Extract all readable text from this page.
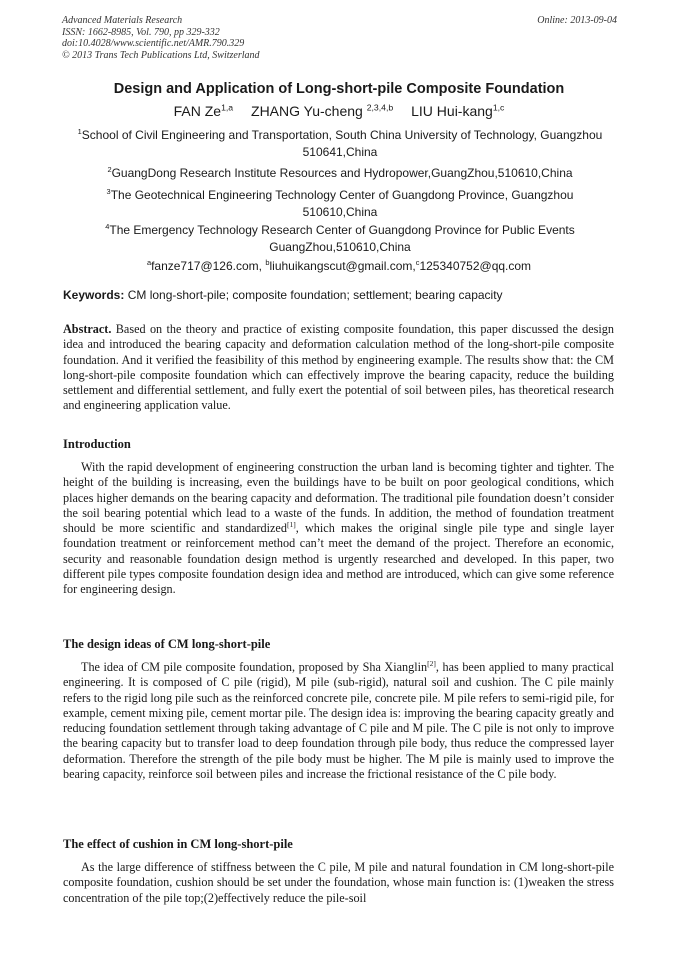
Advanced Materials Research
ISSN: 1662-8985, Vol. 790, pp 329-332
doi:10.4028/www.scientific.net/AMR.790.329
© 2013 Trans Tech Publications Ltd, Switzerland
Online: 2013-09-04
Design and Application of Long-short-pile Composite Foundation
FAN Ze$^{1,a}$ ZHANG Yu-cheng $^{2,3,4,b}$ LIU Hui-kang$^{1,c}$
$^1$School of Civil Engineering and Transportation, South China University of Technology, Guangzhou 510641,China
$^2$GuangDong Research Institute Resources and Hydropower,GuangZhou,510610,China
$^3$The Geotechnical Engineering Technology Center of Guangdong Province, Guangzhou 510610,China
$^4$The Emergency Technology Research Center of Guangdong Province for Public Events GuangZhou,510610,China
$^a$fanze717@126.com, $^b$liuhuikangscut@gmail.com,$^c$125340752@qq.com
Keywords: CM long-short-pile; composite foundation; settlement; bearing capacity
Abstract. Based on the theory and practice of existing composite foundation, this paper discussed the design idea and introduced the bearing capacity and deformation calculation method of the long-short-pile composite foundation. And it verified the feasibility of this method by engineering example. The results show that: the CM long-short-pile composite foundation which can effectively improve the bearing capacity, reduce the building settlement and differential settlement, and fully exert the potential of soil between piles, has theoretical research and engineering application value.
Introduction
With the rapid development of engineering construction the urban land is becoming tighter and tighter. The height of the building is increasing, even the buildings have to be built on poor geological conditions, which places higher demands on the bearing capacity and deformation. The traditional pile foundation doesn’t consider the soil bearing potential which lead to a waste of the funds. In addition, the method of foundation treatment should be more scientific and standardized[1], which makes the original single pile type and single layer foundation treatment or reinforcement method can’t meet the demand of the project. Therefore an economic, security and reasonable foundation design method is urgently researched and developed. In this paper, two different pile types composite foundation design idea and method are introduced, which can give some reference for engineering design.
The design ideas of CM long-short-pile
The idea of CM pile composite foundation, proposed by Sha Xianglin[2], has been applied to many practical engineering. It is composed of C pile (rigid), M pile (sub-rigid), natural soil and cushion. The C pile mainly refers to the rigid long pile such as the reinforced concrete pile, concrete pile. M pile refers to semi-rigid pile, for example, cement mixing pile, cement mortar pile. The design idea is: improving the bearing capacity greatly and reducing foundation settlement through taking advantage of C pile and M pile. The C pile is not only to improve the bearing capacity but to transfer load to deep foundation through pile body, thus reduce the compressed layer deformation. Therefore the strength of the pile body must be higher. The M pile is mainly used to improve the bearing capacity, reinforce soil between piles and increase the frictional resistance of the C pile body.
The effect of cushion in CM long-short-pile
As the large difference of stiffness between the C pile, M pile and natural foundation in CM long-short-pile composite foundation, cushion should be set under the foundation, whose main function is: (1)weaken the stress concentration of the pile top;(2)effectively reduce the pile-soil
